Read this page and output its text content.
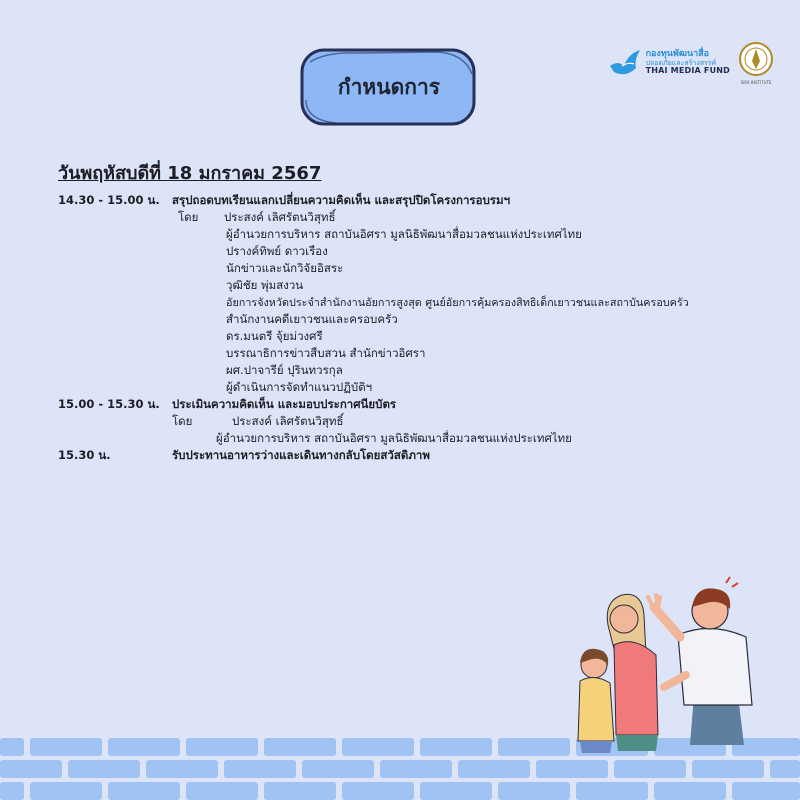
กำหนดการ
กองทุนพัฒนาสื่อ
ปลอดภัยและสร้างสรรค์
THAI MEDIA FUND
ISRA INSTITUTE
วันพฤหัสบดีที่ 18 มกราคม 2567
14.30 - 15.00 น. สรุปถอดบทเรียนแลกเปลี่ยนความคิดเห็น และสรุปปิดโครงการอบรมฯ
โดย ประสงค์ เลิศรัตนวิสุทธิ์
ผู้อำนวยการบริหาร สถาบันอิศรา มูลนิธิพัฒนาสื่อมวลชนแห่งประเทศไทย
ปรางค์ทิพย์ ดาวเรือง
นักข่าวและนักวิจัยอิสระ
วุฒิชัย พุ่มสงวน
อัยการจังหวัดประจำสำนักงานอัยการสูงสุด ศูนย์อัยการคุ้มครองสิทธิเด็กเยาวชนและสถาบันครอบครัว
สำนักงานคดีเยาวชนและครอบครัว
ดร.มนตรี จุ้ยม่วงศรี
บรรณาธิการข่าวสืบสวน สำนักข่าวอิศรา
ผศ.ปาจารีย์ ปุรินทวรกุล
ผู้ดำเนินการจัดทำแนวปฏิบัติฯ
15.00 - 15.30 น. ประเมินความคิดเห็น และมอบประกาศนียบัตร
โดย	ประสงค์ เลิศรัตนวิสุทธิ์
ผู้อำนวยการบริหาร สถาบันอิศรา มูลนิธิพัฒนาสื่อมวลชนแห่งประเทศไทย
15.30 น.	รับประทานอาหารว่างและเดินทางกลับโดยสวัสดิภาพ
